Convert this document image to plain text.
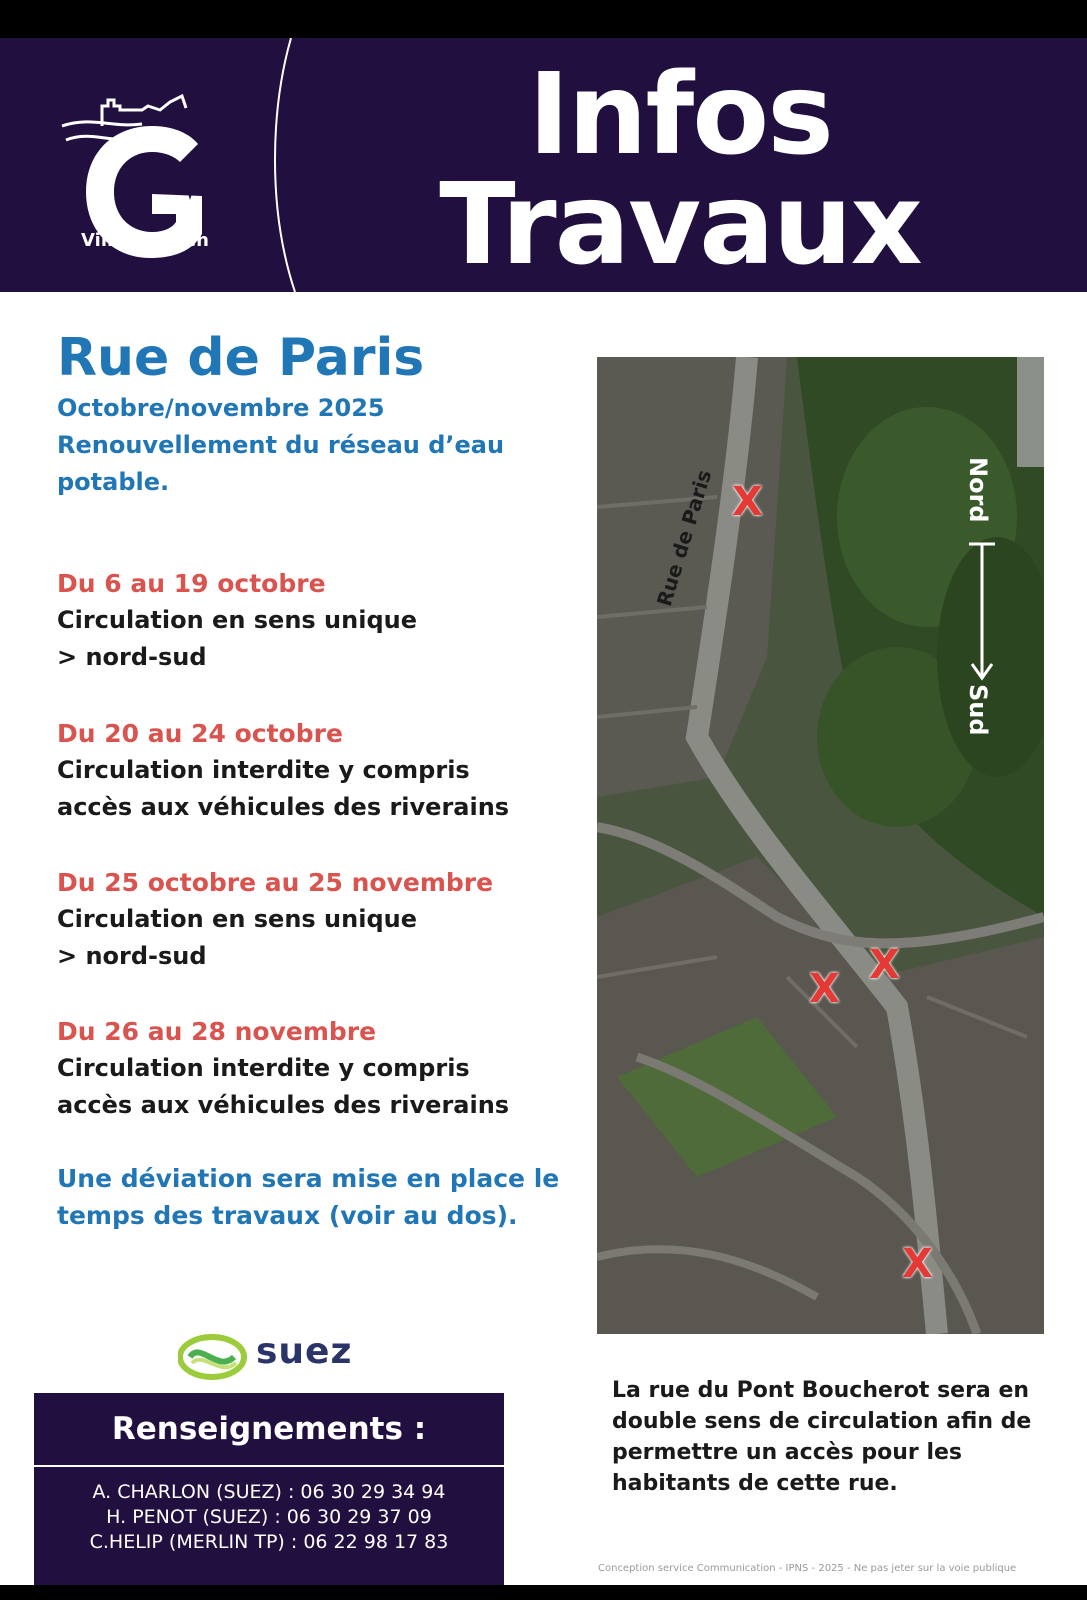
Ville de Gien
Infos
Travaux
Rue de Paris
Octobre/novembre 2025
Renouvellement du réseau d’eau potable.
Du 6 au 19 octobre
Circulation en sens unique
> nord-sud
Du 20 au 24 octobre
Circulation interdite y compris
accès aux véhicules des riverains
Du 25 octobre au 25 novembre
Circulation en sens unique
> nord-sud
Du 26 au 28 novembre
Circulation interdite y compris
accès aux véhicules des riverains
Une déviation sera mise en place le temps des travaux (voir au dos).
suez
Renseignements :
A. CHARLON (SUEZ) : 06 30 29 34 94
H. PENOT (SUEZ) : 06 30 29 37 09
C.HELIP (MERLIN TP) : 06 22 98 17 83
Rue de Paris	Nord
Sud
X
X
X
X
La rue du Pont Boucherot sera en double sens de circulation afin de permettre un accès pour les habitants de cette rue.
Conception service Communication - IPNS - 2025 - Ne pas jeter sur la voie publique
